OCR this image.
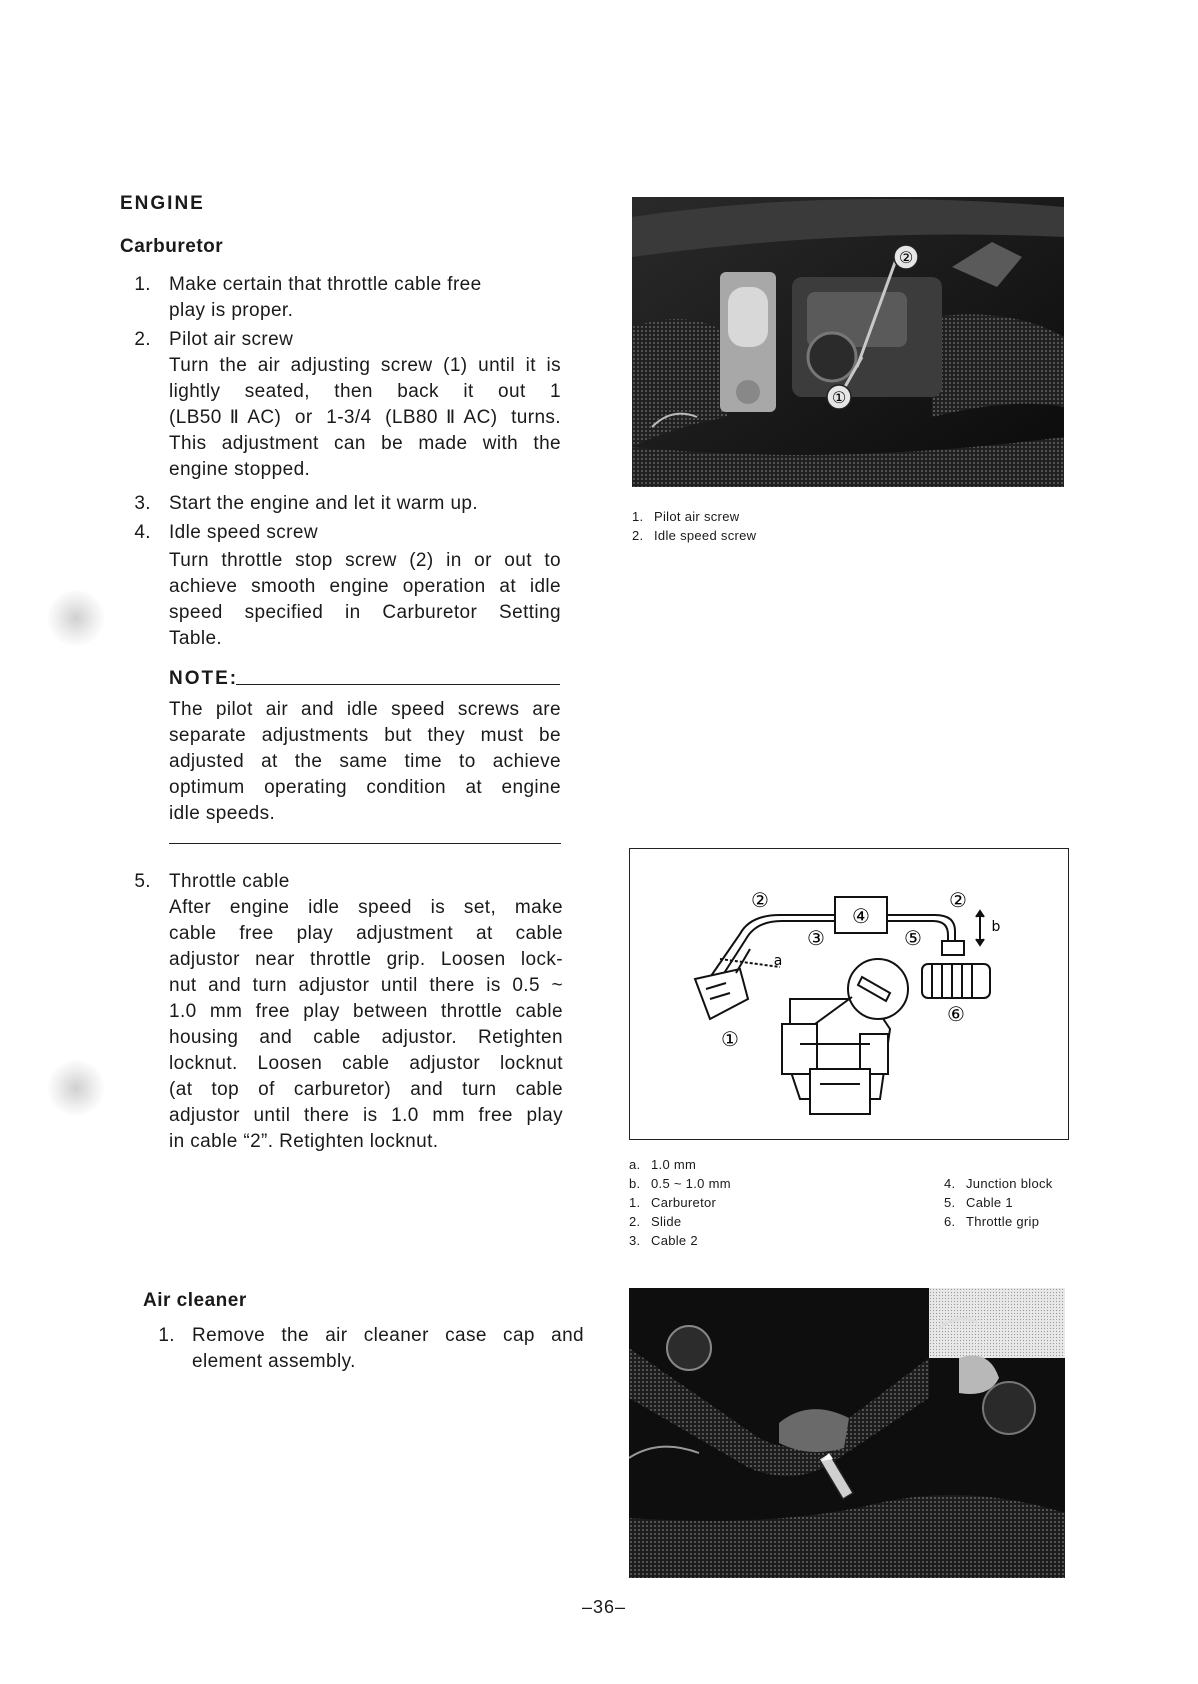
ENGINE
Carburetor
1. Make certain that throttle cable free
play is proper.
2. Pilot air screw
Turn the air adjusting screw (1) until it is
lightly seated, then back it out 1
(LB50ⅡAC) or 1-3/4 (LB80ⅡAC) turns.
This adjustment can be made with the
engine stopped.
3. Start the engine and let it warm up.
4. Idle speed screw
Turn throttle stop screw (2) in or out to
achieve smooth engine operation at idle
speed specified in Carburetor Setting
Table.
NOTE:
The pilot air and idle speed screws are
separate adjustments but they must be
adjusted at the same time to achieve
optimum operating condition at engine
idle speeds.
5. Throttle cable
After engine idle speed is set, make
cable free play adjustment at cable
adjustor near throttle grip. Loosen lock-
nut and turn adjustor until there is 0.5 ~
1.0 mm free play between throttle cable
housing and cable adjustor. Retighten
locknut. Loosen cable adjustor locknut
(at top of carburetor) and turn cable
adjustor until there is 1.0 mm free play
in cable “2”. Retighten locknut.
Air cleaner
1. Remove the air cleaner case cap and
element assembly.
②
①
1. Pilot air screw
2. Idle speed screw
②	②
③
④
⑤
⑥
①
a
b
a. 1.0 mm
b. 0.5 ~ 1.0 mm
1. Carburetor
2. Slide
3. Cable 2
4. Junction block
5. Cable 1
6. Throttle grip
–36–
